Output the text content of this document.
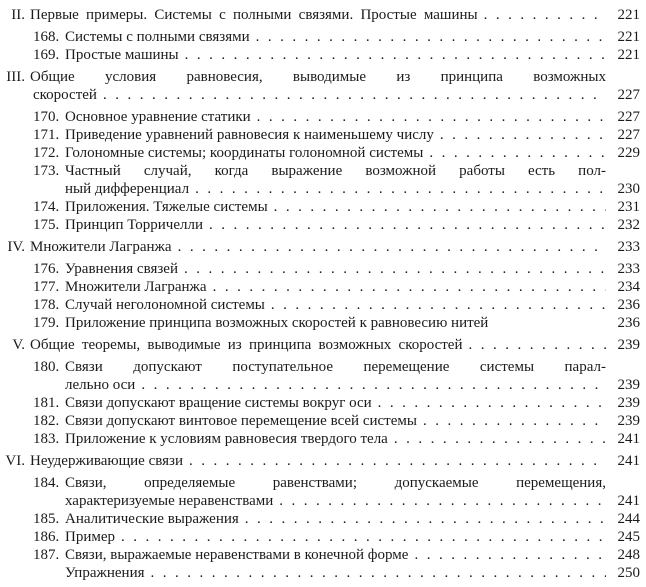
II. Первые примеры. Системы с полными связями. Простые машины .....	221
168. Системы с полными связями .....	221
169. Простые машины .....	221
III. Общие условия равновесия, выводимые из принципа возможных
скоростей .....	227
170. Основное уравнение статики .....	227
171. Приведение уравнений равновесия к наименьшему числу .....	227
172. Голономные системы; координаты голономной системы .....	229
173. Частный случай, когда выражение возможной работы есть пол-
ный дифференциал .....	230
174. Приложения. Тяжелые системы .....	231
175. Принцип Торричелли .....	232
IV. Множители Лагранжа .....	233
176. Уравнения связей .....	233
177. Множители Лагранжа .....	234
178. Случай неголономной системы .....	236
179. Приложение принципа возможных скоростей к равновесию нитей	236
V. Общие теоремы, выводимые из принципа возможных скоростей .....	239
180. Связи допускают поступательное перемещение системы парал-
лельно оси .....	239
181. Связи допускают вращение системы вокруг оси .....	239
182. Связи допускают винтовое перемещение всей системы .....	239
183. Приложение к условиям равновесия твердого тела .....	241
VI. Неудерживающие связи .....	241
184. Связи, определяемые равенствами; допускаемые перемещения,
характеризуемые неравенствами .....	241
185. Аналитические выражения .....	244
186. Пример .....	245
187. Связи, выражаемые неравенствами в конечной форме .....	248
Упражнения .....	250
